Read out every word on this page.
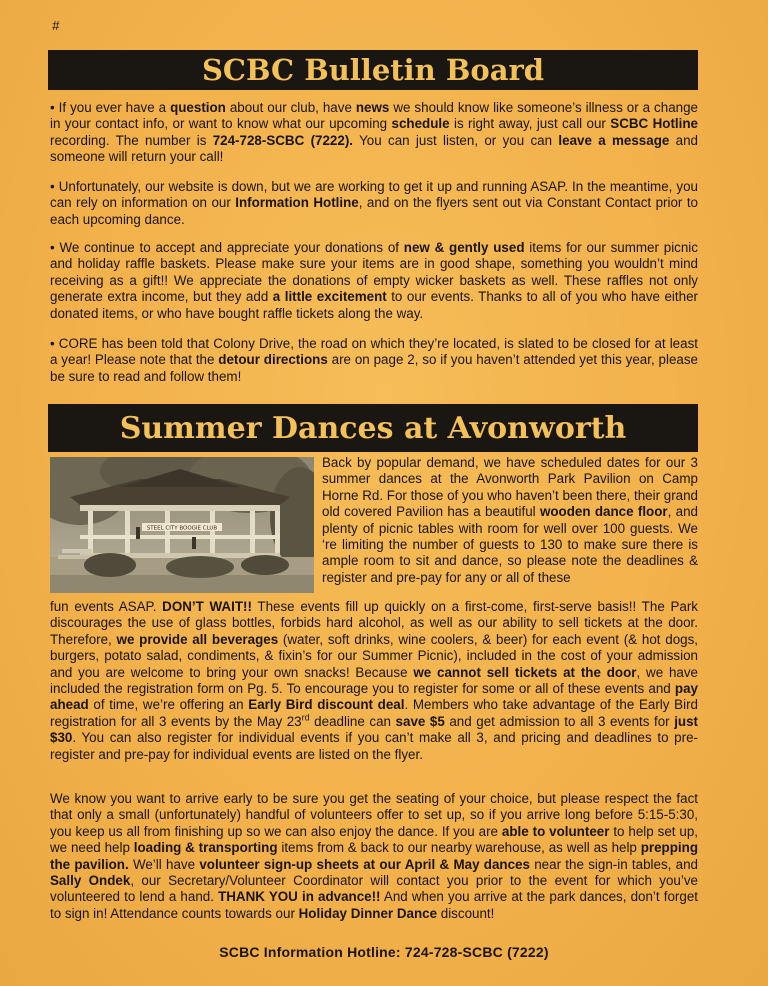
#
SCBC Bulletin Board
• If you ever have a question about our club, have news we should know like someone’s illness or a change in your contact info, or want to know what our upcoming schedule is right away, just call our SCBC Hotline recording. The number is 724-728-SCBC (7222). You can just listen, or you can leave a message and someone will return your call!
• Unfortunately, our website is down, but we are working to get it up and running ASAP. In the meantime, you can rely on information on our Information Hotline, and on the flyers sent out via Constant Contact prior to each upcoming dance.
• We continue to accept and appreciate your donations of new & gently used items for our summer picnic and holiday raffle baskets. Please make sure your items are in good shape, something you wouldn’t mind receiving as a gift!! We appreciate the donations of empty wicker baskets as well. These raffles not only generate extra income, but they add a little excitement to our events. Thanks to all of you who have either donated items, or who have bought raffle tickets along the way.
• CORE has been told that Colony Drive, the road on which they’re located, is slated to be closed for at least a year! Please note that the detour directions are on page 2, so if you haven’t attended yet this year, please be sure to read and follow them!
Summer Dances at Avonworth
STEEL CITY BOOGIE CLUB
Back by popular demand, we have scheduled dates for our 3 summer dances at the Avonworth Park Pavilion on Camp Horne Rd. For those of you who haven’t been there, their grand old covered Pavilion has a beautiful wooden dance floor, and plenty of picnic tables with room for well over 100 guests. We ‘re limiting the number of guests to 130 to make sure there is ample room to sit and dance, so please note the deadlines & register and pre-pay for any or all of these
fun events ASAP. DON’T WAIT!! These events fill up quickly on a first-come, first-serve basis!! The Park discourages the use of glass bottles, forbids hard alcohol, as well as our ability to sell tickets at the door. Therefore, we provide all beverages (water, soft drinks, wine coolers, & beer) for each event (& hot dogs, burgers, potato salad, condiments, & fixin’s for our Summer Picnic), included in the cost of your admission and you are welcome to bring your own snacks! Because we cannot sell tickets at the door, we have included the registration form on Pg. 5. To encourage you to register for some or all of these events and pay ahead of time, we’re offering an Early Bird discount deal. Members who take advantage of the Early Bird registration for all 3 events by the May 23rd deadline can save $5 and get admission to all 3 events for just $30. You can also register for individual events if you can’t make all 3, and pricing and deadlines to pre-register and pre-pay for individual events are listed on the flyer.
We know you want to arrive early to be sure you get the seating of your choice, but please respect the fact that only a small (unfortunately) handful of volunteers offer to set up, so if you arrive long before 5:15-5:30, you keep us all from finishing up so we can also enjoy the dance. If you are able to volunteer to help set up, we need help loading & transporting items from & back to our nearby warehouse, as well as help prepping the pavilion. We’ll have volunteer sign-up sheets at our April & May dances near the sign-in tables, and Sally Ondek, our Secretary/Volunteer Coordinator will contact you prior to the event for which you’ve volunteered to lend a hand. THANK YOU in advance!! And when you arrive at the park dances, don’t forget to sign in! Attendance counts towards our Holiday Dinner Dance discount!
SCBC Information Hotline: 724-728-SCBC (7222)
